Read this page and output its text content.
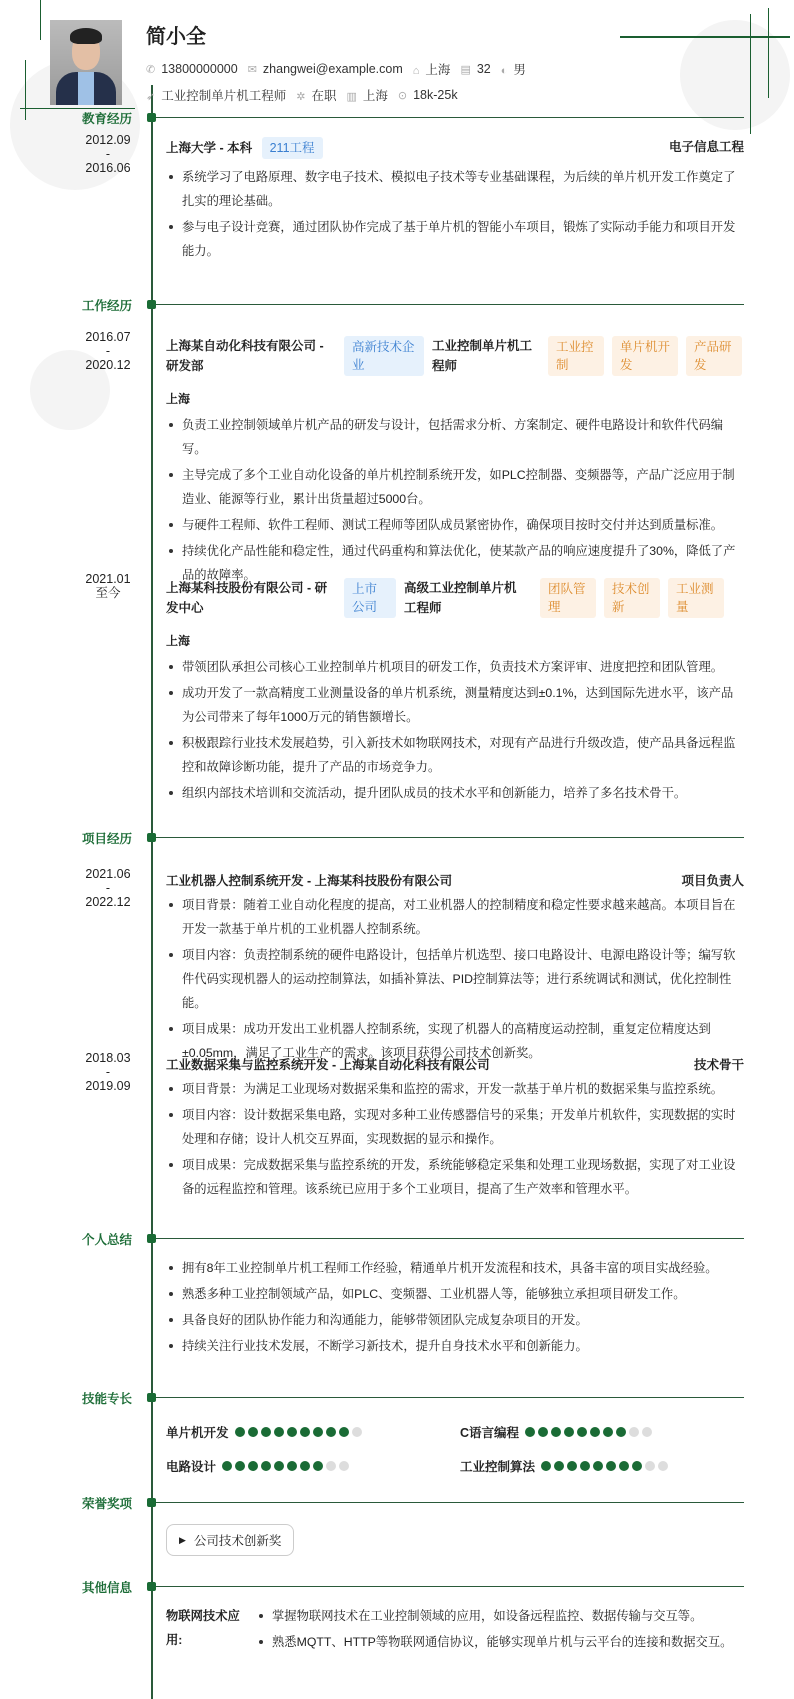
简小全
✆ 13800000000 ✉ zhangwei@example.com ⌂ 上海 ▤ 32 ◐ 男
➶ 工业控制单片机工程师 ✲ 在职 ▥ 上海 ⊙ 18k-25k
教育经历
2012.09
-
2016.06
上海大学 - 本科 211工程	电子信息工程
系统学习了电路原理、数字电子技术、模拟电子技术等专业基础课程，为后续的单片机开发工作奠定了扎实的理论基础。
参与电子设计竞赛，通过团队协作完成了基于单片机的智能小车项目，锻炼了实际动手能力和项目开发能力。
工作经历
2016.07
-
2020.12
上海某自动化科技有限公司 - 研发部
高新技术企业
工业控制单片机工程师
工业控制
单片机开发
产品研发
上海
负责工业控制领域单片机产品的研发与设计，包括需求分析、方案制定、硬件电路设计和软件代码编写。
主导完成了多个工业自动化设备的单片机控制系统开发，如PLC控制器、变频器等，产品广泛应用于制造业、能源等行业，累计出货量超过5000台。
与硬件工程师、软件工程师、测试工程师等团队成员紧密协作，确保项目按时交付并达到质量标准。
持续优化产品性能和稳定性，通过代码重构和算法优化，使某款产品的响应速度提升了30%，降低了产品的故障率。
2021.01
至今	上海某科技股份有限公司 - 研发中心
上市公司
高级工业控制单片机工程师
团队管理
技术创新
工业测量
上海
带领团队承担公司核心工业控制单片机项目的研发工作，负责技术方案评审、进度把控和团队管理。
成功开发了一款高精度工业测量设备的单片机系统，测量精度达到±0.1%，达到国际先进水平，该产品为公司带来了每年1000万元的销售额增长。
积极跟踪行业技术发展趋势，引入新技术如物联网技术，对现有产品进行升级改造，使产品具备远程监控和故障诊断功能，提升了产品的市场竞争力。
组织内部技术培训和交流活动，提升团队成员的技术水平和创新能力，培养了多名技术骨干。
项目经历
2021.06
-
2022.12
工业机器人控制系统开发 - 上海某科技股份有限公司	项目负责人
项目背景：随着工业自动化程度的提高，对工业机器人的控制精度和稳定性要求越来越高。本项目旨在开发一款基于单片机的工业机器人控制系统。
项目内容：负责控制系统的硬件电路设计，包括单片机选型、接口电路设计、电源电路设计等；编写软件代码实现机器人的运动控制算法，如插补算法、PID控制算法等；进行系统调试和测试，优化控制性能。
项目成果：成功开发出工业机器人控制系统，实现了机器人的高精度运动控制，重复定位精度达到±0.05mm，满足了工业生产的需求。该项目获得公司技术创新奖。
2018.03
-
2019.09
工业数据采集与监控系统开发 - 上海某自动化科技有限公司	技术骨干
项目背景：为满足工业现场对数据采集和监控的需求，开发一款基于单片机的数据采集与监控系统。
项目内容：设计数据采集电路，实现对多种工业传感器信号的采集；开发单片机软件，实现数据的实时处理和存储；设计人机交互界面，实现数据的显示和操作。
项目成果：完成数据采集与监控系统的开发，系统能够稳定采集和处理工业现场数据，实现了对工业设备的远程监控和管理。该系统已应用于多个工业项目，提高了生产效率和管理水平。
个人总结
拥有8年工业控制单片机工程师工作经验，精通单片机开发流程和技术，具备丰富的项目实战经验。
熟悉多种工业控制领域产品，如PLC、变频器、工业机器人等，能够独立承担项目研发工作。
具备良好的团队协作能力和沟通能力，能够带领团队完成复杂项目的开发。
持续关注行业技术发展，不断学习新技术，提升自身技术水平和创新能力。
技能专长
单片机开发	C语言编程
电路设计	工业控制算法
荣誉奖项
▶ 公司技术创新奖
其他信息
物联网技术应用:
掌握物联网技术在工业控制领域的应用，如设备远程监控、数据传输与交互等。
熟悉MQTT、HTTP等物联网通信协议，能够实现单片机与云平台的连接和数据交互。
